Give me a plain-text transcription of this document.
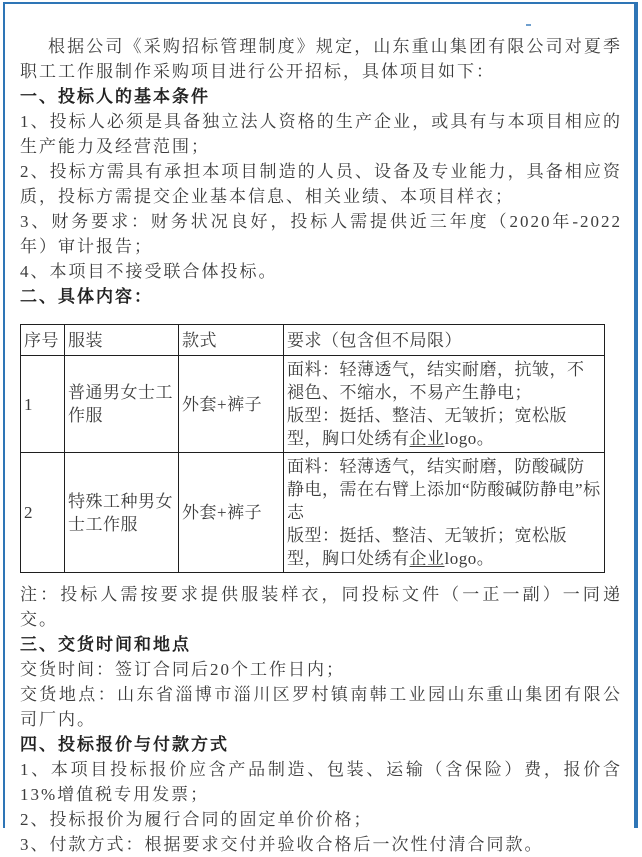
根据公司《采购招标管理制度》规定，山东重山集团有限公司对夏季职工工作服制作采购项目进行公开招标，具体项目如下：

一、投标人的基本条件

1、投标人必须是具备独立法人资格的生产企业，或具有与本项目相应的生产能力及经营范围；

2、投标方需具有承担本项目制造的人员、设备及专业能力，具备相应资质，投标方需提交企业基本信息、相关业绩、本项目样衣；

3、财务要求：财务状况良好，投标人需提供近三年度（2020年-2022年）审计报告；

4、本项目不接受联合体投标。

二、具体内容：

序号	服装	款式	要求（包含但不局限）
1	普通男女士工作服	外套+裤子	面料：轻薄透气，结实耐磨，抗皱，不褪色、不缩水，不易产生静电；

版型：挺括、整洁、无皱折；宽松版型，胸口处绣有企业logo。

2	特殊工种男女士工作服	外套+裤子	面料：轻薄透气，结实耐磨，防酸碱防静电，需在右臂上添加“防酸碱防静电”标志

版型：挺括、整洁、无皱折；宽松版型，胸口处绣有企业logo。

注：投标人需按要求提供服装样衣，同投标文件（一正一副）一同递交。

三、交货时间和地点

交货时间：签订合同后20个工作日内；

交货地点：山东省淄博市淄川区罗村镇南韩工业园山东重山集团有限公司厂内。

四、投标报价与付款方式

1、本项目投标报价应含产品制造、包装、运输（含保险）费，报价含13%增值税专用发票；

2、投标报价为履行合同的固定单价价格；

3、付款方式：根据要求交付并验收合格后一次性付清合同款。
